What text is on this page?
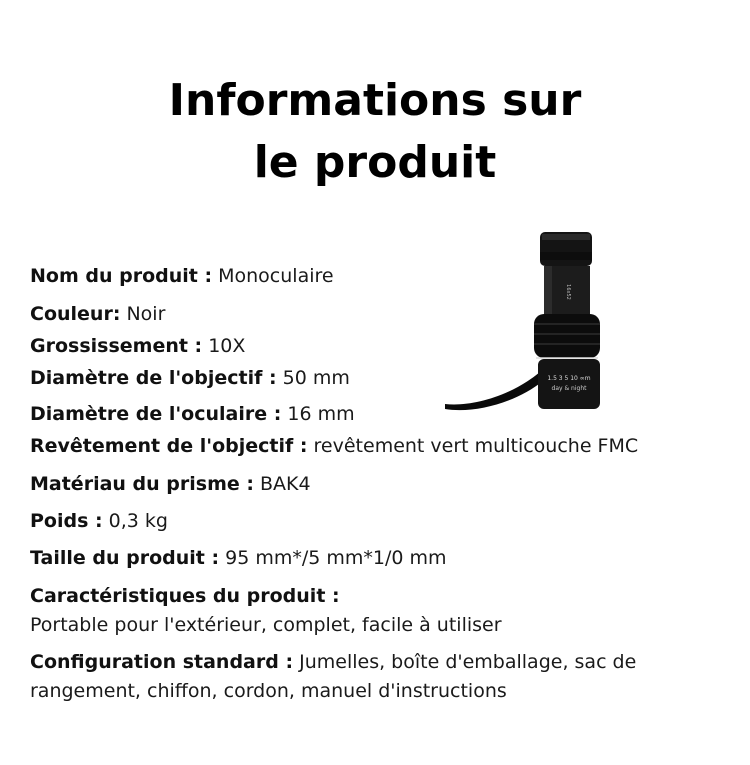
Informations sur
le produit
1.5 3 5 10 ∞m
day & night
16x52
Nom du produit : Monoculaire
Couleur: Noir
Grossissement : 10X
Diamètre de l'objectif : 50 mm
Diamètre de l'oculaire : 16 mm
Revêtement de l'objectif : revêtement vert multicouche FMC
Matériau du prisme : BAK4
Poids : 0,3 kg
Taille du produit : 95 mm*/5 mm*1/0 mm
Caractéristiques du produit :
Portable pour l'extérieur, complet, facile à utiliser
Configuration standard : Jumelles, boîte d'emballage, sac de rangement, chiffon, cordon, manuel d'instructions
